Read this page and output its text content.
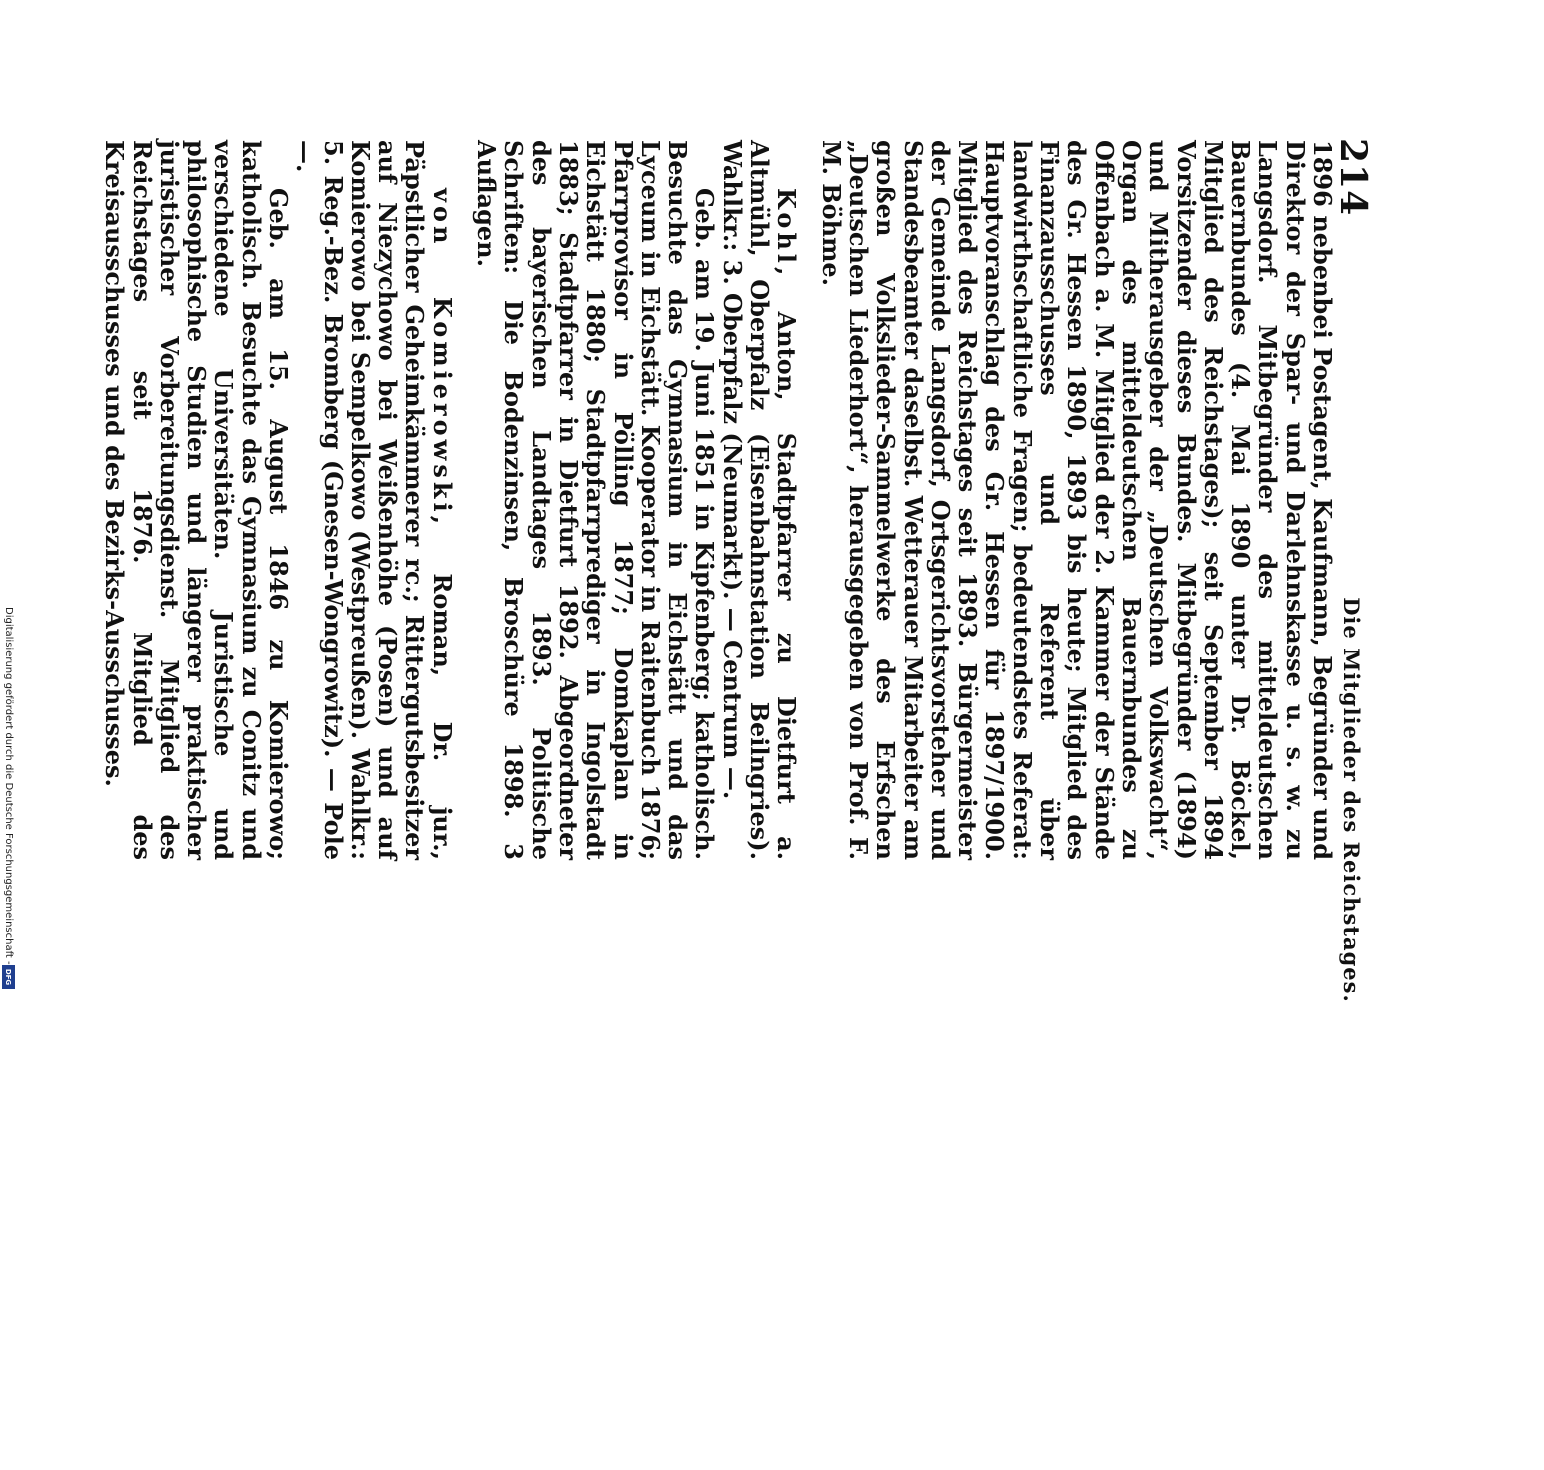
214
Die Mitglieder des Reichstages.

1896 nebenbei Postagent, Kaufmann, Begründer und Direktor der Spar- und Darlehnskasse u. s. w. zu Langsdorf. Mitbegründer des mitteldeutschen Bauernbundes (4. Mai 1890 unter Dr. Böckel, Mitglied des Reichstages); seit September 1894 Vorsitzender dieses Bundes. Mitbegründer (1894) und Mitherausgeber der „Deutschen Volkswacht“, Organ des mitteldeutschen Bauernbundes zu Offenbach a. M. Mitglied der 2. Kammer der Stände des Gr. Hessen 1890, 1893 bis heute; Mitglied des Finanzausschusses und Referent über landwirthschaftliche Fragen; bedeutendstes Referat: Hauptvoranschlag des Gr. Hessen für 1897/1900. Mitglied des Reichstages seit 1893. Bürgermeister der Gemeinde Langsdorf, Ortsgerichtsvorsteher und Standesbeamter daselbst. Wetterauer Mitarbeiter am großen Volkslieder-Sammelwerke des Erfschen „Deutschen Liederhort“, herausgegeben von Prof. F. M. Böhme.

Kohl, Anton, Stadtpfarrer zu Dietfurt a. Altmühl, Oberpfalz (Eisenbahnstation Beilngries). Wahlkr.: 3. Oberpfalz (Neumarkt). — Centrum —.

Geb. am 19. Juni 1851 in Kipfenberg; katholisch. Besuchte das Gymnasium in Eichstätt und das Lyceum in Eichstätt. Kooperator in Raitenbuch 1876; Pfarrprovisor in Pölling 1877; Domkaplan in Eichstätt 1880; Stadtpfarrprediger in Ingolstadt 1883; Stadtpfarrer in Dietfurt 1892. Abgeordneter des bayerischen Landtages 1893. Politische Schriften: Die Bodenzinsen, Broschüre 1898. 3 Auflagen.

von Komierowski, Roman, Dr. jur., Päpstlicher Geheimkämmerer rc.; Rittergutsbesitzer auf Niezychowo bei Weißenhöhe (Posen) und auf Komierowo bei Sempelkowo (Westpreußen). Wahlkr.: 5. Reg.-Bez. Bromberg (Gnesen-Wongrowitz). — Pole —.

Geb. am 15. August 1846 zu Komierowo; katholisch. Besuchte das Gymnasium zu Conitz und verschiedene Universitäten. Juristische und philosophische Studien und längerer praktischer juristischer Vorbereitungsdienst. Mitglied des Reichstages seit 1876. Mitglied des Kreisausschusses und des Bezirks-Ausschusses.

Digitalisierung gefördert durch die Deutsche Forschungsgemeinschaft -
DFG
